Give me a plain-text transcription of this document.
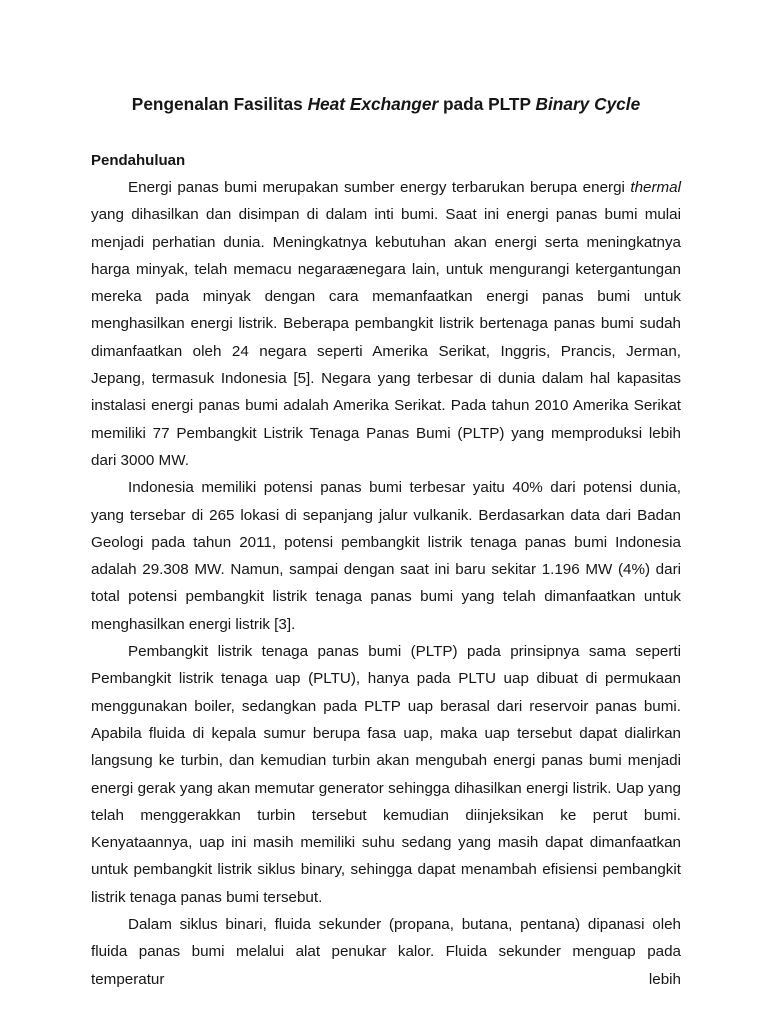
Pengenalan Fasilitas Heat Exchanger pada PLTP Binary Cycle
Pendahuluan

Energi panas bumi merupakan sumber energy terbarukan berupa energi thermal yang dihasilkan dan disimpan di dalam inti bumi. Saat ini energi panas bumi mulai menjadi perhatian dunia. Meningkatnya kebutuhan akan energi serta meningkatnya harga minyak, telah memacu negaraænegara lain, untuk mengurangi ketergantungan mereka pada minyak dengan cara memanfaatkan energi panas bumi untuk menghasilkan energi listrik. Beberapa pembangkit listrik bertenaga panas bumi sudah dimanfaatkan oleh 24 negara seperti Amerika Serikat, Inggris, Prancis, Jerman, Jepang, termasuk Indonesia [5]. Negara yang terbesar di dunia dalam hal kapasitas instalasi energi panas bumi adalah Amerika Serikat. Pada tahun 2010 Amerika Serikat memiliki 77 Pembangkit Listrik Tenaga Panas Bumi (PLTP) yang memproduksi lebih dari 3000 MW.

Indonesia memiliki potensi panas bumi terbesar yaitu 40% dari potensi dunia, yang tersebar di 265 lokasi di sepanjang jalur vulkanik. Berdasarkan data dari Badan Geologi pada tahun 2011, potensi pembangkit listrik tenaga panas bumi Indonesia adalah 29.308 MW. Namun, sampai dengan saat ini baru sekitar 1.196 MW (4%) dari total potensi pembangkit listrik tenaga panas bumi yang telah dimanfaatkan untuk menghasilkan energi listrik [3].

Pembangkit listrik tenaga panas bumi (PLTP) pada prinsipnya sama seperti Pembangkit listrik tenaga uap (PLTU), hanya pada PLTU uap dibuat di permukaan menggunakan boiler, sedangkan pada PLTP uap berasal dari reservoir panas bumi. Apabila fluida di kepala sumur berupa fasa uap, maka uap tersebut dapat dialirkan langsung ke turbin, dan kemudian turbin akan mengubah energi panas bumi menjadi energi gerak yang akan memutar generator sehingga dihasilkan energi listrik. Uap yang telah menggerakkan turbin tersebut kemudian diinjeksikan ke perut bumi. Kenyataannya, uap ini masih memiliki suhu sedang yang masih dapat dimanfaatkan untuk pembangkit listrik siklus binary, sehingga dapat menambah efisiensi pembangkit listrik tenaga panas bumi tersebut.

Dalam siklus binari, fluida sekunder (propana, butana, pentana) dipanasi oleh fluida panas bumi melalui alat penukar kalor. Fluida sekunder menguap pada temperatur lebih
